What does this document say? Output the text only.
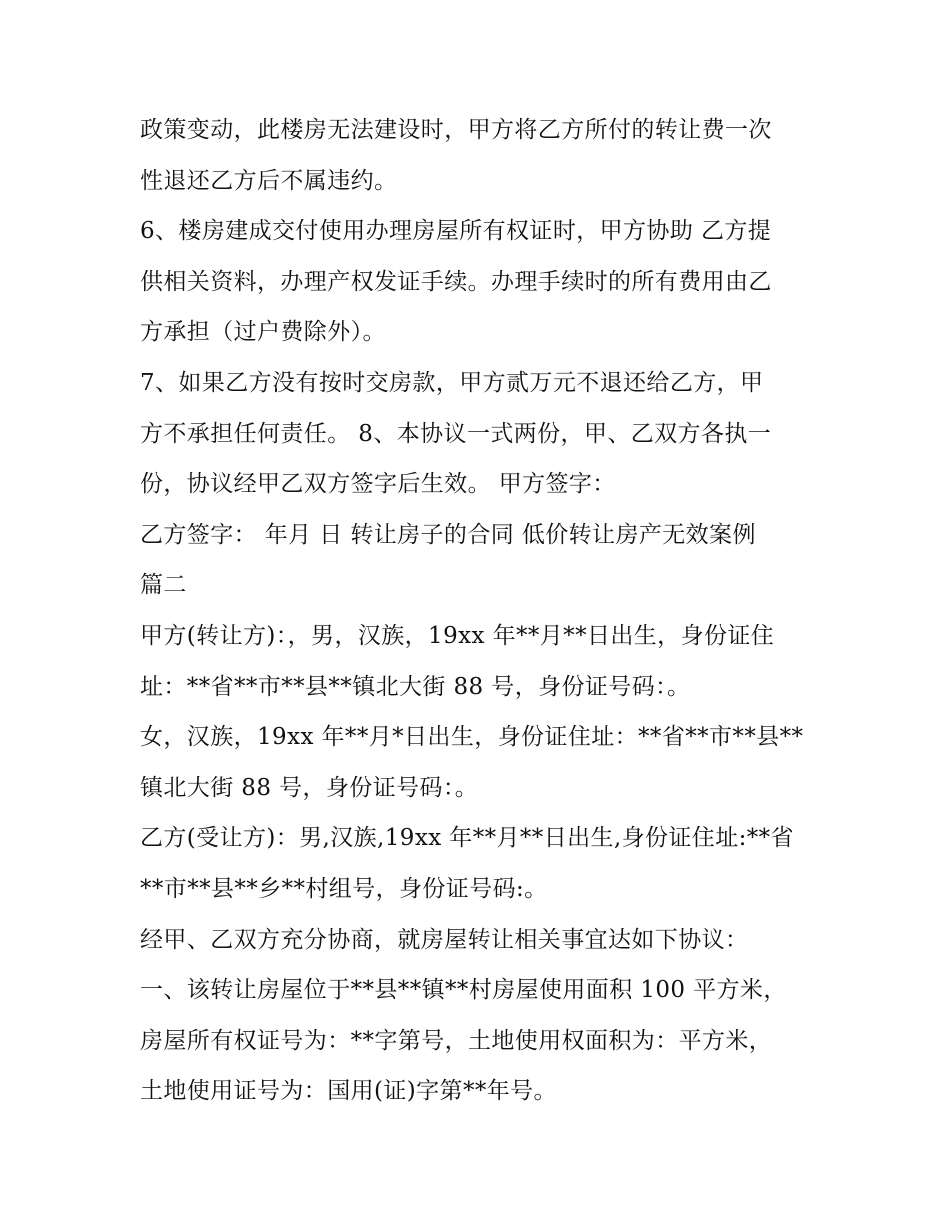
政策变动，此楼房无法建设时，甲方将乙方所付的转让费一次
性退还乙方后不属违约。
6、楼房建成交付使用办理房屋所有权证时，甲方协助 乙方提
供相关资料，办理产权发证手续。办理手续时的所有费用由乙
方承担（过户费除外）。
7、如果乙方没有按时交房款，甲方贰万元不退还给乙方，甲
方不承担任何责任。 8、本协议一式两份，甲、乙双方各执一
份，协议经甲乙双方签字后生效。 甲方签字：
乙方签字： 年月 日 转让房子的合同 低价转让房产无效案例
篇二
甲方(转让方)：，男，汉族，19xx 年**月**日出生，身份证住
址：**省**市**县**镇北大街 88 号，身份证号码：。
女，汉族，19xx 年**月*日出生，身份证住址：**省**市**县**
镇北大街 88 号，身份证号码：。
乙方(受让方)：男,汉族,19xx 年**月**日出生,身份证住址:**省
**市**县**乡**村组号，身份证号码:。
经甲、乙双方充分协商，就房屋转让相关事宜达如下协议：
一、该转让房屋位于**县**镇**村房屋使用面积 100 平方米，
房屋所有权证号为：**字第号，土地使用权面积为：平方米，
土地使用证号为：国用(证)字第**年号。
